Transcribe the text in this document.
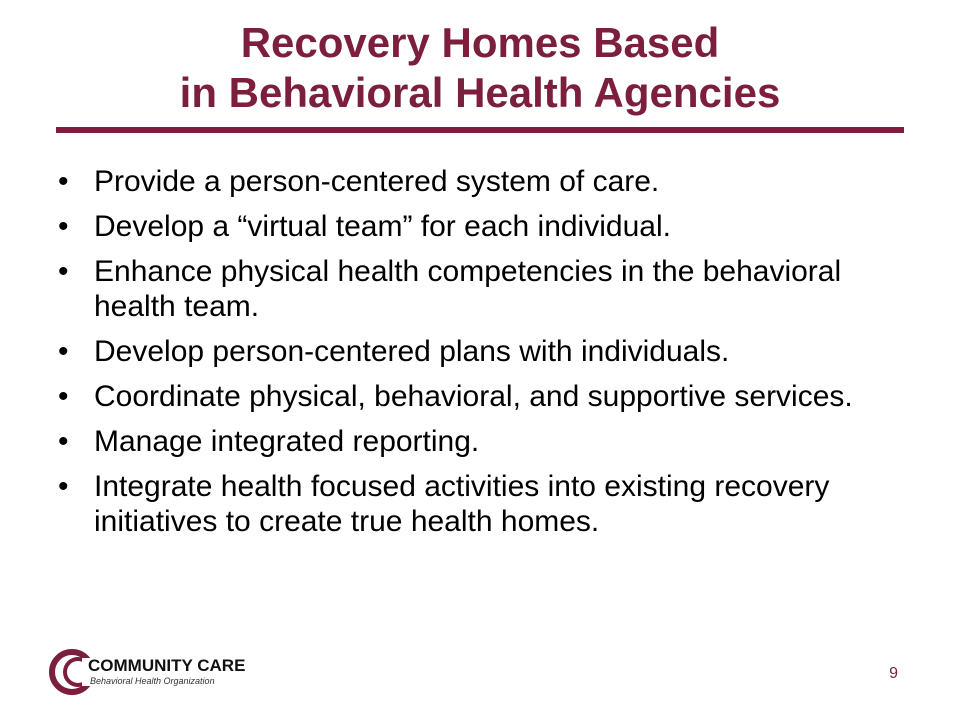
Recovery Homes Based
in Behavioral Health Agencies
• Provide a person-centered system of care.
• Develop a “virtual team” for each individual.
• Enhance physical health competencies in the behavioral health team.
• Develop person-centered plans with individuals.
• Coordinate physical, behavioral, and supportive services.
• Manage integrated reporting.
• Integrate health focused activities into existing recovery initiatives to create true health homes.
COMMUNITY CARE
Behavioral Health Organization	9
